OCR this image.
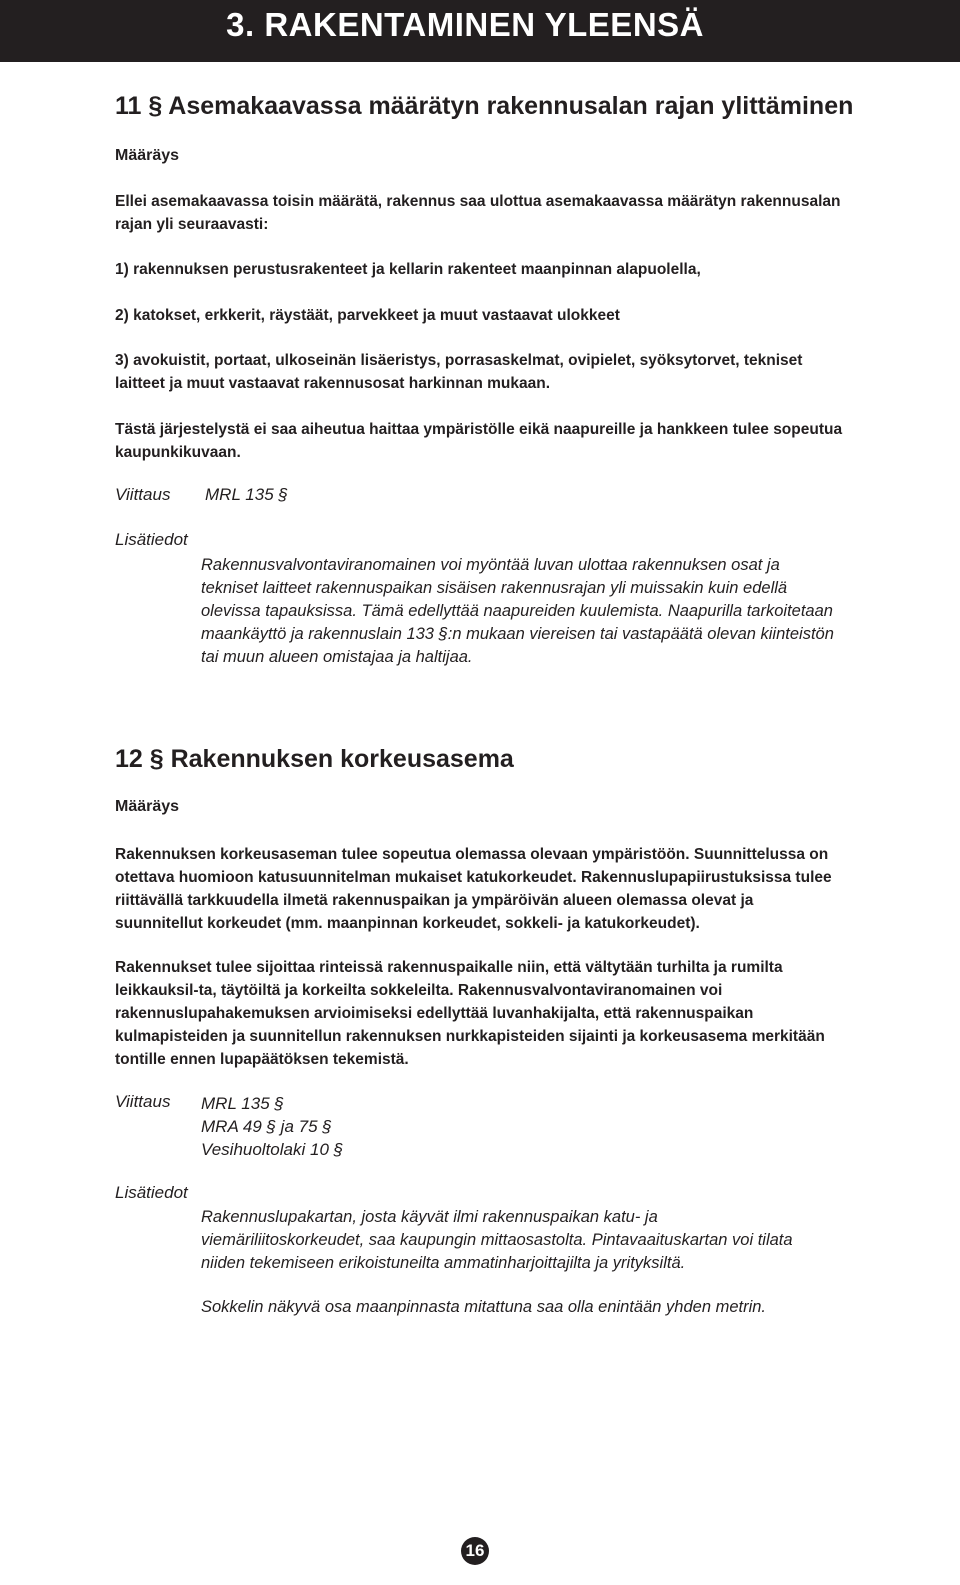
3. RAKENTAMINEN YLEENSÄ
11 § Asemakaavassa määrätyn rakennusalan rajan ylittäminen
Määräys

Ellei asemakaavassa toisin määrätä, rakennus saa ulottua asemakaavassa määrätyn rakennusalan rajan yli seuraavasti:

1) rakennuksen perustusrakenteet ja kellarin rakenteet maanpinnan alapuolella,

2) katokset, erkkerit, räystäät, parvekkeet ja muut vastaavat ulokkeet

3) avokuistit, portaat, ulkoseinän lisäeristys, porrasaskelmat, ovipielet, syöksytorvet, tekniset laitteet ja muut vastaavat rakennusosat harkinnan mukaan.

Tästä järjestelystä ei saa aiheutua haittaa ympäristölle eikä naapureille ja hankkeen tulee sopeutua kaupunkikuvaan.

Viittaus MRL 135 §
Lisätiedot
Rakennusvalvontaviranomainen voi myöntää luvan ulottaa rakennuksen osat ja tekniset laitteet rakennuspaikan sisäisen rakennusrajan yli muissakin kuin edellä olevissa tapauksissa. Tämä edellyttää naapureiden kuulemista. Naapurilla tarkoitetaan maankäyttö ja rakennuslain 133 §:n mukaan viereisen tai vastapäätä olevan kiinteistön tai muun alueen omistajaa ja haltijaa.
12 § Rakennuksen korkeusasema
Määräys

Rakennuksen korkeusaseman tulee sopeutua olemassa olevaan ympäristöön. Suunnittelussa on otettava huomioon katusuunnitelman mukaiset katukorkeudet. Rakennuslupapiirustuksissa tulee riittävällä tarkkuudella ilmetä rakennuspaikan ja ympäröivän alueen olemassa olevat ja suunnitellut korkeudet (mm. maanpinnan korkeudet, sokkeli- ja katukorkeudet).

Rakennukset tulee sijoittaa rinteissä rakennuspaikalle niin, että vältytään turhilta ja rumilta leikkauksil-ta, täytöiltä ja korkeilta sokkeleilta. Rakennusvalvontaviranomainen voi rakennuslupahakemuksen arvioimiseksi edellyttää luvanhakijalta, että rakennuspaikan kulmapisteiden ja suunnitellun rakennuksen nurkkapisteiden sijainti ja korkeusasema merkitään tontille ennen lupapäätöksen tekemistä.

Viittaus MRL 135 §
MRA 49 § ja 75 §
Vesihuoltolaki 10 §
Lisätiedot
Rakennuslupakartan, josta käyvät ilmi rakennuspaikan katu- ja viemäriliitoskorkeudet, saa kaupungin mittaosastolta. Pintavaaituskartan voi tilata niiden tekemiseen erikoistuneilta ammatinharjoittajilta ja yrityksiltä.
Sokkelin näkyvä osa maanpinnasta mitattuna saa olla enintään yhden metrin.
16
